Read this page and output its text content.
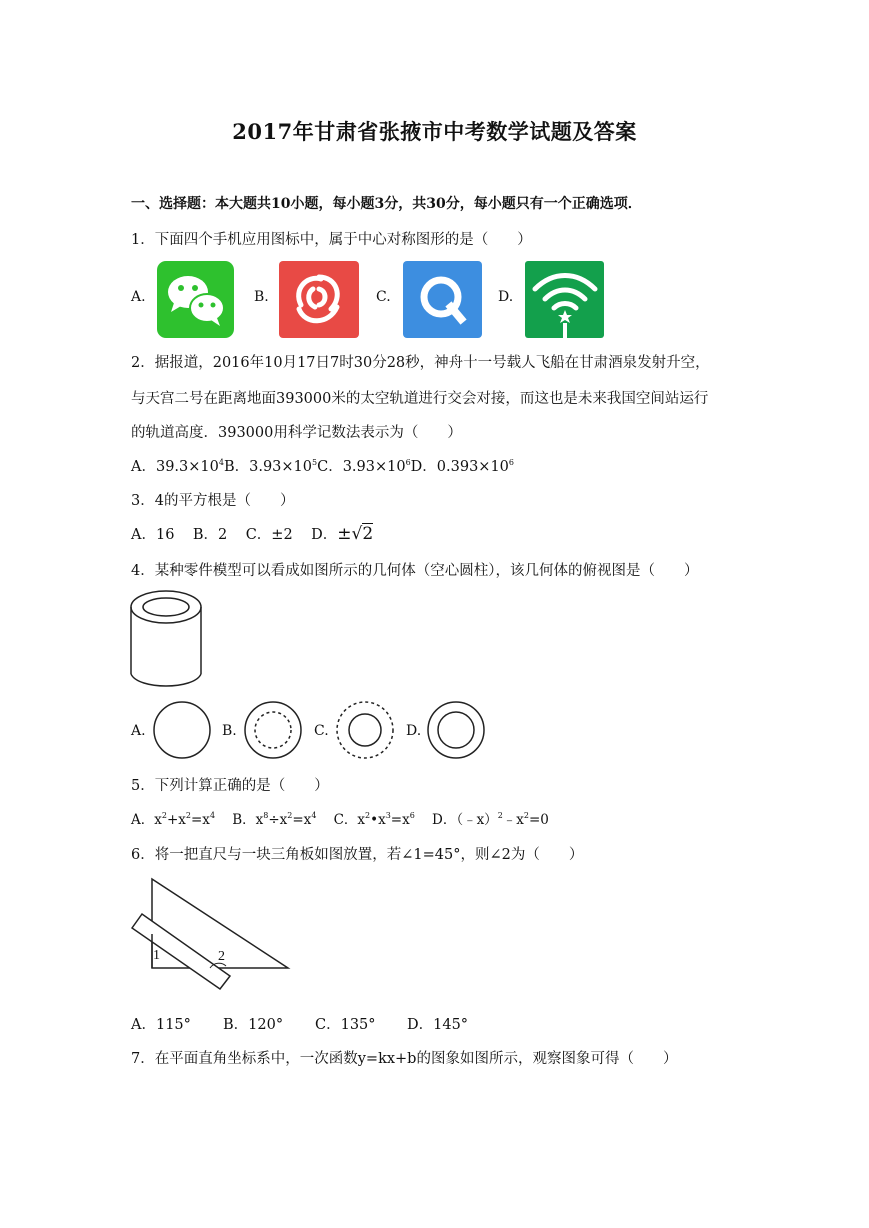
2017年甘肃省张掖市中考数学试题及答案
一、选择题：本大题共10小题，每小题3分，共30分，每小题只有一个正确选项．
1．下面四个手机应用图标中，属于中心对称图形的是（　　）
A.	B.	C.	D.
2．据报道，2016年10月17日7时30分28秒，神舟十一号载人飞船在甘肃酒泉发射升空，
与天宫二号在距离地面393000米的太空轨道进行交会对接，而这也是未来我国空间站运行
的轨道高度．393000用科学记数法表示为（　　）
A．$39.3\times 10^4B$．$3.93\times 10^5C$．$3.93\times 10^6D$．$0.393\times 10^6$
3．4的平方根是（　　）
A．16 B．2 C．±2 D．±√2
4．某种零件模型可以看成如图所示的几何体（空心圆柱），该几何体的俯视图是（　　）
A.	B.	C.	D.
5．下列计算正确的是（　　）
A．$x^2+x^2=x^4$ B．$x^8\div x^2=x^4$ C．$x^2•x^3=x^6$ D．$(﹣x)^2﹣x^2=0$
6．将一把直尺与一块三角板如图放置，若∠1=45°，则∠2为（　　）
1	2
A．115° B．120° C．135° D．145°
7．在平面直角坐标系中，一次函数y=kx+b的图象如图所示，观察图象可得（　　）
